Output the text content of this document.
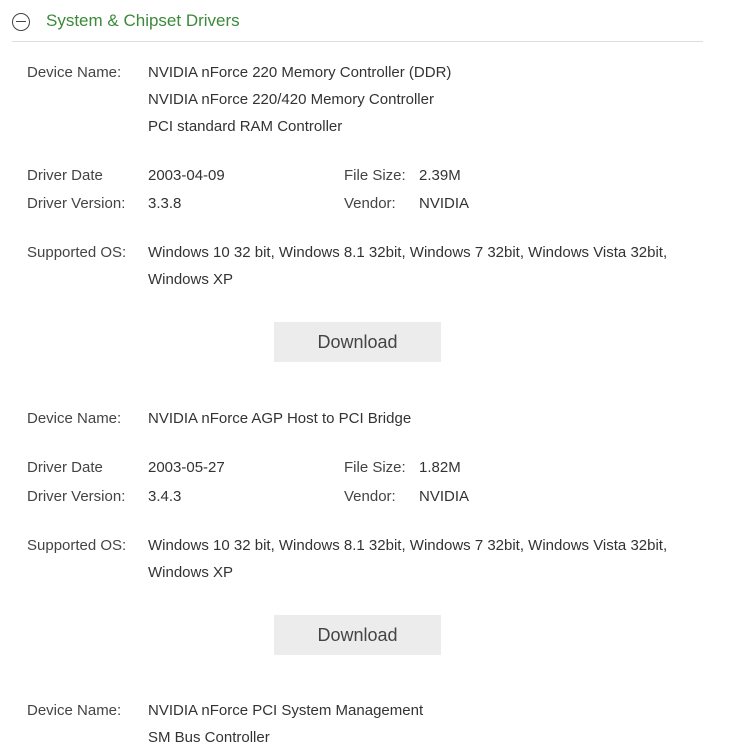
System & Chipset Drivers
Device Name: NVIDIA nForce 220 Memory Controller (DDR)
NVIDIA nForce 220/420 Memory Controller
PCI standard RAM Controller
Driver Date	2003-04-09	File Size: 2.39M
Driver Version: 3.3.8	Vendor: NVIDIA
Supported OS: Windows 10 32 bit, Windows 8.1 32bit, Windows 7 32bit, Windows Vista 32bit, Windows XP
Download
Device Name: NVIDIA nForce AGP Host to PCI Bridge
Driver Date	2003-05-27	File Size: 1.82M
Driver Version: 3.4.3	Vendor: NVIDIA
Supported OS: Windows 10 32 bit, Windows 8.1 32bit, Windows 7 32bit, Windows Vista 32bit, Windows XP
Download
Device Name: NVIDIA nForce PCI System Management
SM Bus Controller
